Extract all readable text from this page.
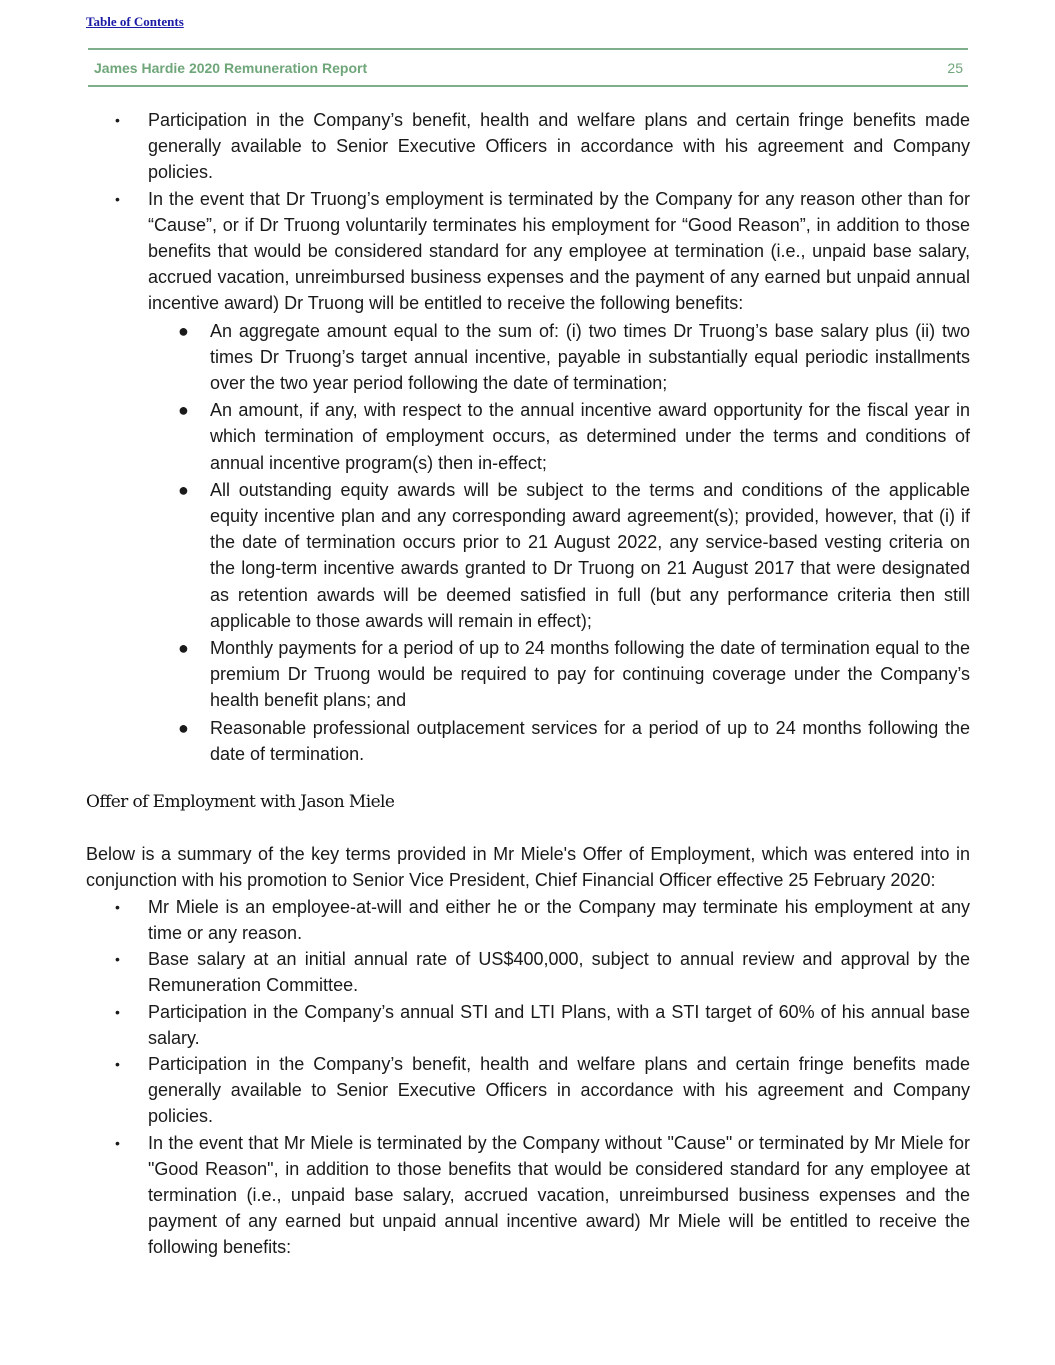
Table of Contents
James Hardie 2020 Remuneration Report	25
• Participation in the Company’s benefit, health and welfare plans and certain fringe benefits made generally available to Senior Executive Officers in accordance with his agreement and Company policies.
• In the event that Dr Truong’s employment is terminated by the Company for any reason other than for “Cause”, or if Dr Truong voluntarily terminates his employment for “Good Reason”, in addition to those benefits that would be considered standard for any employee at termination (i.e., unpaid base salary, accrued vacation, unreimbursed business expenses and the payment of any earned but unpaid annual incentive award) Dr Truong will be entitled to receive the following benefits:
● An aggregate amount equal to the sum of: (i) two times Dr Truong’s base salary plus (ii) two times Dr Truong’s target annual incentive, payable in substantially equal periodic installments over the two year period following the date of termination;
● An amount, if any, with respect to the annual incentive award opportunity for the fiscal year in which termination of employment occurs, as determined under the terms and conditions of annual incentive program(s) then in-effect;
● All outstanding equity awards will be subject to the terms and conditions of the applicable equity incentive plan and any corresponding award agreement(s); provided, however, that (i) if the date of termination occurs prior to 21 August 2022, any service-based vesting criteria on the long-term incentive awards granted to Dr Truong on 21 August 2017 that were designated as retention awards will be deemed satisfied in full (but any performance criteria then still applicable to those awards will remain in effect);
● Monthly payments for a period of up to 24 months following the date of termination equal to the premium Dr Truong would be required to pay for continuing coverage under the Company’s health benefit plans; and
● Reasonable professional outplacement services for a period of up to 24 months following the date of termination.
Offer of Employment with Jason Miele

Below is a summary of the key terms provided in Mr Miele's Offer of Employment, which was entered into in conjunction with his promotion to Senior Vice President, Chief Financial Officer effective 25 February 2020:

• Mr Miele is an employee-at-will and either he or the Company may terminate his employment at any time or any reason.
• Base salary at an initial annual rate of US$400,000, subject to annual review and approval by the Remuneration Committee.
• Participation in the Company’s annual STI and LTI Plans, with a STI target of 60% of his annual base salary.
• Participation in the Company’s benefit, health and welfare plans and certain fringe benefits made generally available to Senior Executive Officers in accordance with his agreement and Company policies.
• In the event that Mr Miele is terminated by the Company without "Cause" or terminated by Mr Miele for "Good Reason", in addition to those benefits that would be considered standard for any employee at termination (i.e., unpaid base salary, accrued vacation, unreimbursed business expenses and the payment of any earned but unpaid annual incentive award) Mr Miele will be entitled to receive the following benefits:
